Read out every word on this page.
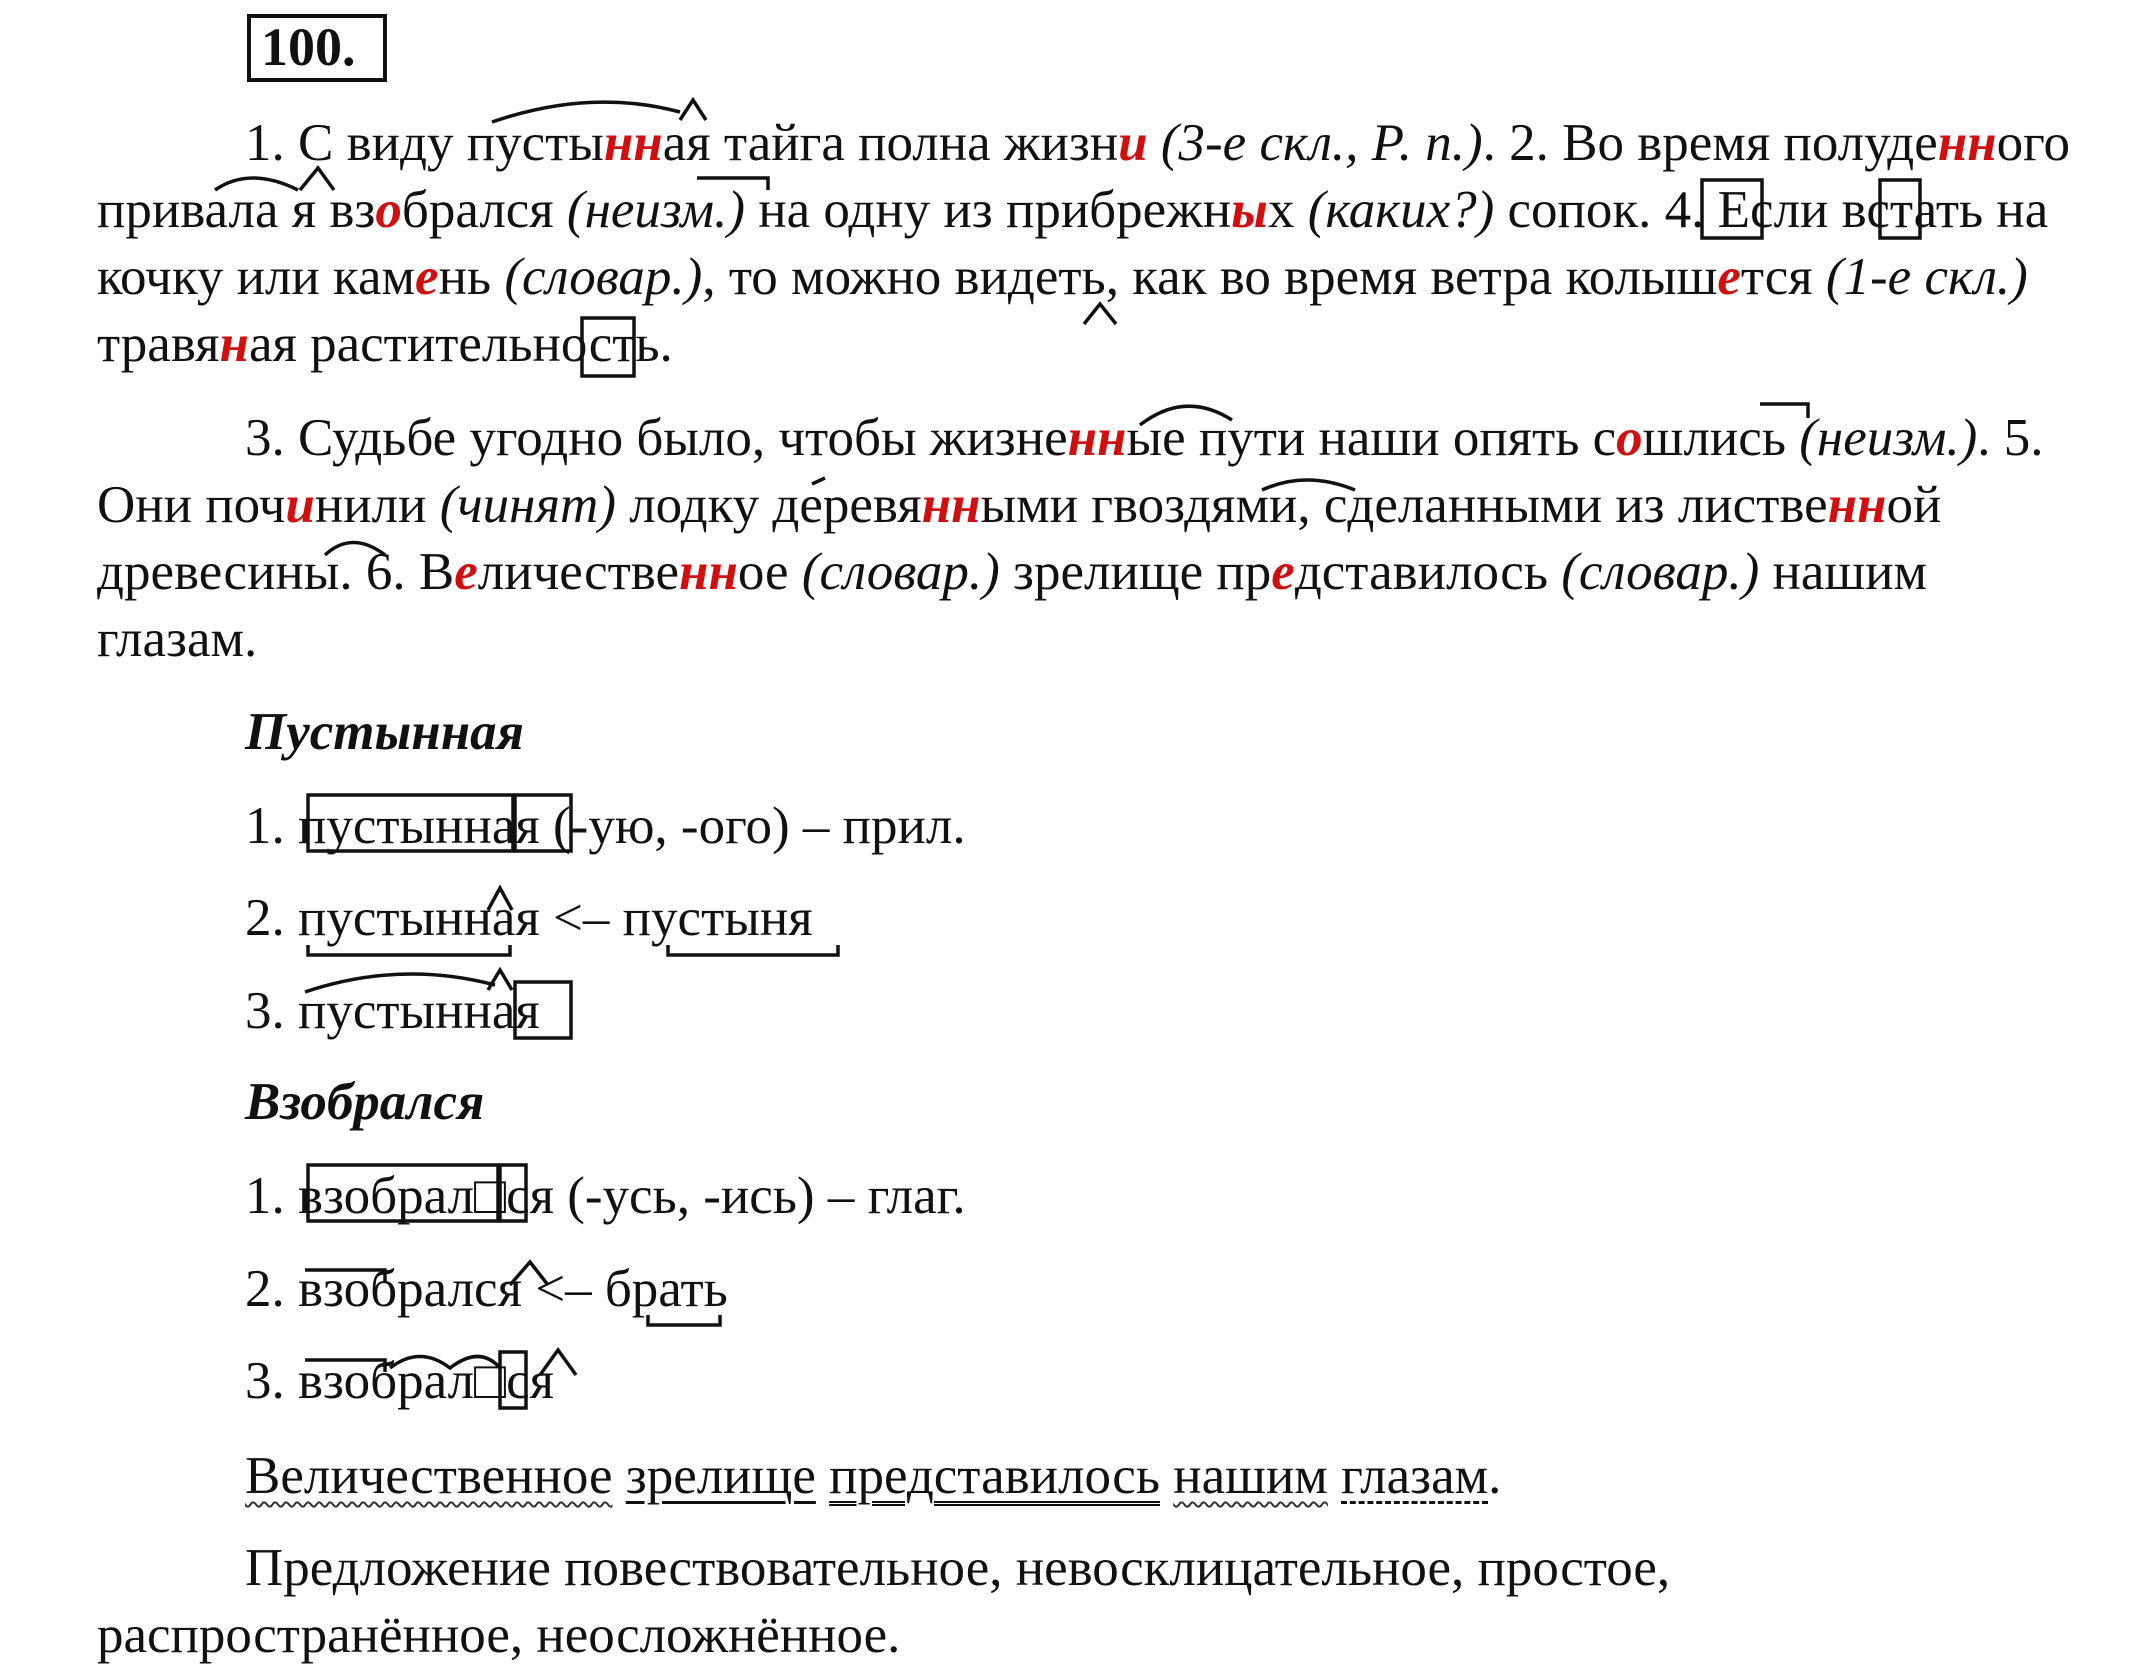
100.
1. С виду пустынная тайга полна жизни (3-е скл., Р. п.). 2. Во время полуденного привала я взобрался (неизм.) на одну из прибрежных (каких?) сопок. 4. Если встать на кочку или камень (словар.), то можно видеть, как во время ветра колышется (1-е скл.) травяная растительность.
3. Судьбе угодно было, чтобы жизненные пути наши опять сошлись (неизм.). 5. Они починили (чинят) лодку деревянными гвоздями, сделанными из лиственной древесины. 6. Величественное (словар.) зрелище представилось (словар.) нашим глазам.
Пустынная
1. пустынная (-ую, -ого) – прил.
2. пустынная <– пустыня
3. пустынная
Взобрался
1. взобрал□ся (-усь, -ись) – глаг.
2. взобрался <– брать
3. взобрал□ся
Величественное зрелище представилось нашим глазам.
Предложение повествовательное, невосклицательное, простое, распространённое, неосложнённое.
